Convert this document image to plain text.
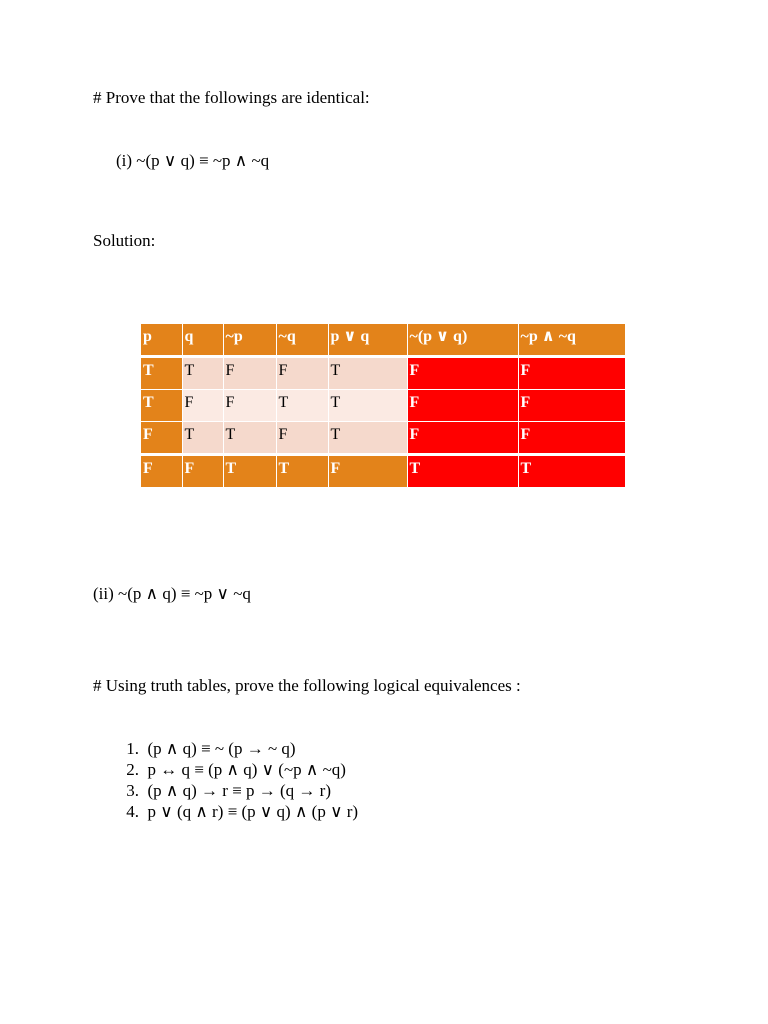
# Prove that the followings are identical:
(i) ~(p ∨ q) ≡ ~p ∧ ~q
Solution:
p	q	~p	~q	p ∨ q	~(p ∨ q)	~p ∧ ~q
T	T	F	F	T	F	F
T	F	F	T	T	F	F
F	T	T	F	T	F	F
F	F	T	T	F	T	T
(ii) ~(p ∧ q) ≡ ~p ∨ ~q
# Using truth tables, prove the following logical equivalences :
1. (p ∧ q) ≡ ~ (p → ~ q)
2. p ↔ q ≡ (p ∧ q) ∨ (~p ∧ ~q)
3. (p ∧ q) → r ≡ p → (q → r)
4. p ∨ (q ∧ r) ≡ (p ∨ q) ∧ (p ∨ r)
